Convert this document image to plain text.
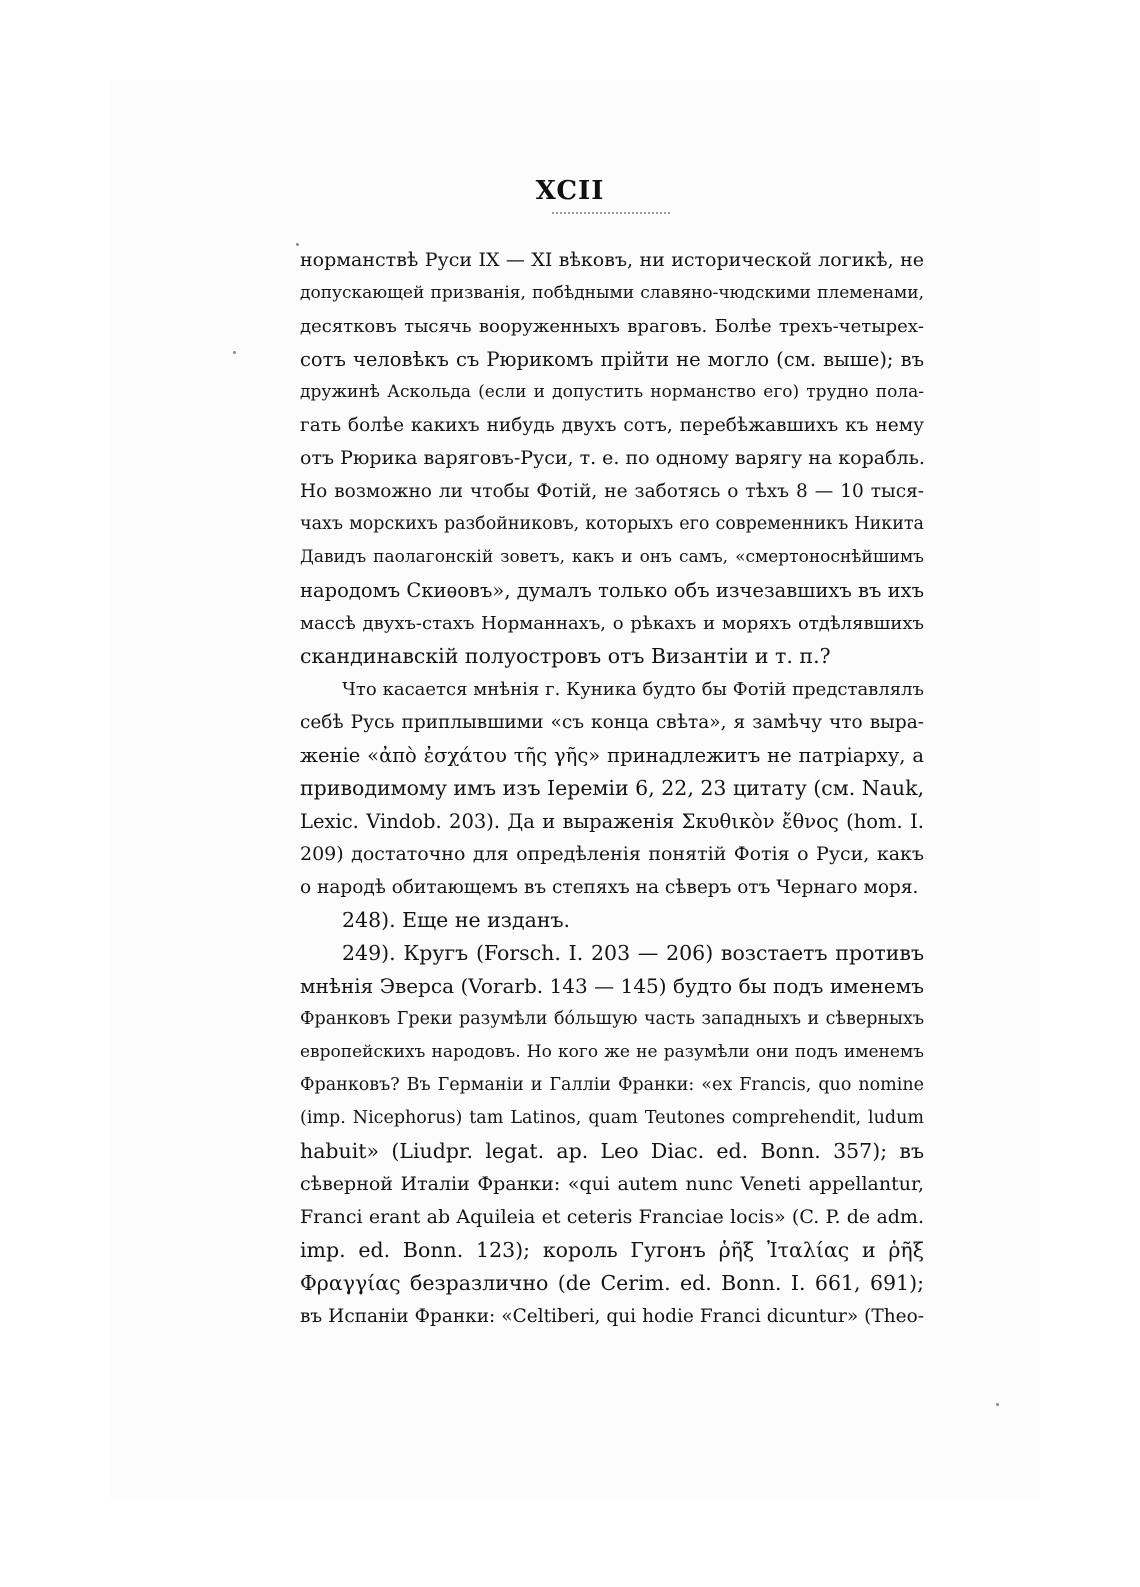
XCII
норманствѣ Руси IX — XI вѣковъ, ни исторической логикѣ, не
допускающей призванія, побѣдными славяно-чюдскими племенами,
десятковъ тысячь вооруженныхъ враговъ. Болѣе трехъ-четырех-
сотъ человѣкъ съ Рюрикомъ прійти не могло (см. выше); въ
дружинѣ Аскольда (если и допустить норманство его) трудно пола-
гать болѣе какихъ нибудь двухъ сотъ, перебѣжавшихъ къ нему
отъ Рюрика варяговъ-Руси, т. е. по одному варягу на корабль.
Но возможно ли чтобы Фотій, не заботясь о тѣхъ 8 — 10 тыся-
чахъ морскихъ разбойниковъ, которыхъ его современникъ Никита
Давидъ паолагонскій зоветъ, какъ и онъ самъ, «смертоноснѣйшимъ
народомъ Скиѳовъ», думалъ только объ изчезавшихъ въ ихъ
массѣ двухъ-стахъ Норманнахъ, о рѣкахъ и моряхъ отдѣлявшихъ
скандинавскій полуостровъ отъ Византіи и т. п.?
Что касается мнѣнія г. Куника будто бы Фотій представлялъ
себѣ Русь приплывшими «съ конца свѣта», я замѣчу что выра-
женіе «ἀπὸ ἐσχάτου τῆς γῆς» принадлежитъ не патріарху, а
приводимому имъ изъ Іереміи 6, 22, 23 цитату (см. Nauk,
Lexic. Vindob. 203). Да и выраженія Σκυθικὸν ἔθνος (hom. I.
209) достаточно для опредѣленія понятій Фотія о Руси, какъ
о народѣ обитающемъ въ степяхъ на сѣверъ отъ Чернаго моря.
248). Еще не изданъ.
249). Кругъ (Forsch. I. 203 — 206) возстаетъ противъ
мнѣнія Эверса (Vorarb. 143 — 145) будто бы подъ именемъ
Франковъ Греки разумѣли бóльшую часть западныхъ и сѣверныхъ
европейскихъ народовъ. Но кого же не разумѣли они подъ именемъ
Франковъ? Въ Германіи и Галліи Франки: «ex Francis, quo nomine
(imp. Nicephorus) tam Latinos, quam Teutones comprehendit, ludum
habuit» (Liudpr. legat. ap. Leo Diac. ed. Bonn. 357); въ
сѣверной Италіи Франки: «qui autem nunc Veneti appellantur,
Franci erant ab Aquileia et ceteris Franciae locis» (C. P. de adm.
imp. ed. Bonn. 123); король Гугонъ ῥῆξ Ἰταλίας и ῥῆξ
Φραγγίας безразлично (de Cerim. ed. Bonn. I. 661, 691);
въ Испаніи Франки: «Celtiberi, qui hodie Franci dicuntur» (Theo-
